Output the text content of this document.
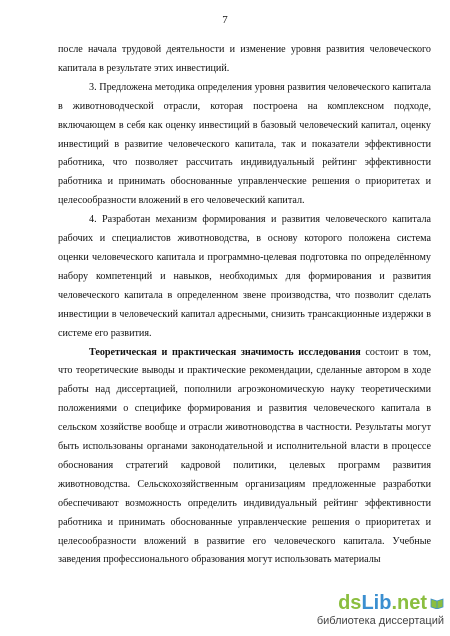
7

после начала трудовой деятельности и изменение уровня развития человеческого капитала в результате этих инвестиций.

3. Предложена методика определения уровня развития человеческого капитала в животноводческой отрасли, которая построена на комплексном подходе, включающем в себя как оценку инвестиций в базовый человеческий капитал, оценку инвестиций в развитие человеческого капитала, так и показатели эффективности работника, что позволяет рассчитать индивидуальный рейтинг эффективности работника и принимать обоснованные управленческие решения о приоритетах и целесообразности вложений в его человеческий капитал.

4. Разработан механизм формирования и развития человеческого капитала рабочих и специалистов животноводства, в основу которого положена система оценки человеческого капитала и программно-целевая подготовка по определённому набору компетенций и навыков, необходимых для формирования и развития человеческого капитала в определенном звене производства, что позволит сделать инвестиции в человеческий капитал адресными, снизить трансакционные издержки в системе его развития.

Теоретическая и практическая значимость исследования состоит в том, что теоретические выводы и практические рекомендации, сделанные автором в ходе работы над диссертацией, пополнили агроэкономическую науку теоретическими положениями о специфике формирования и развития человеческого капитала в сельском хозяйстве вообще и отрасли животноводства в частности. Результаты могут быть использованы органами законодательной и исполнительной власти в процессе обоснования стратегий кадровой политики, целевых программ развития животноводства. Сельскохозяйственным организациям предложенные разработки обеспечивают возможность определить индивидуальный рейтинг эффективности работника и принимать обоснованные управленческие решения о приоритетах и целесообразности вложений в развитие его человеческого капитала. Учебные заведения профессионального образования могут использовать материалы

dsLib.net
библиотека диссертаций
